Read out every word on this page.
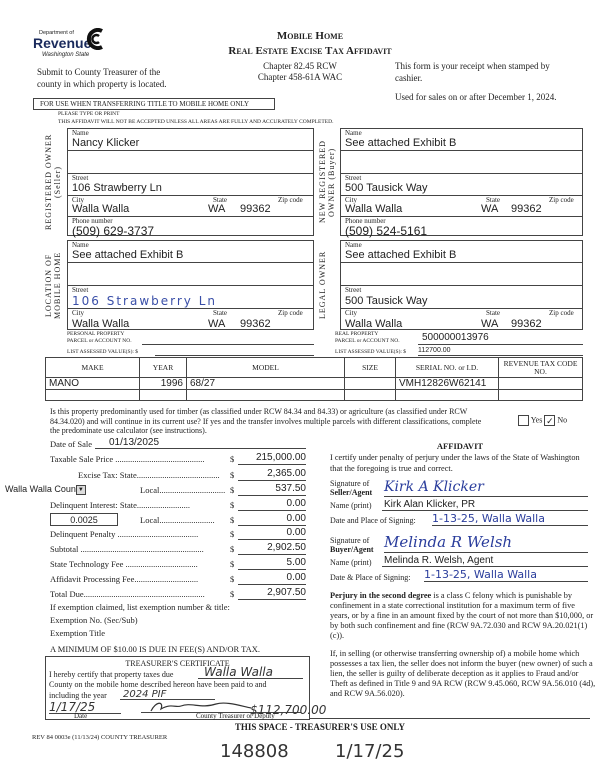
Department of
Revenue
Washington State
Mobile Home
Real Estate Excise Tax Affidavit
Chapter 82.45 RCW
Chapter 458-61A WAC
Submit to County Treasurer of the
county in which property is located.
This form is your receipt when stamped by
cashier.
Used for sales on or after December 1, 2024.
FOR USE WHEN TRANSFERRING TITLE TO MOBILE HOME ONLY
PLEASE TYPE OR PRINT
THIS AFFIDAVIT WILL NOT BE ACCEPTED UNLESS ALL AREAS ARE FULLY AND ACCURATELY COMPLETED.
REGISTERED OWNER (Seller)
Name
Nancy Klicker
Street
106 Strawberry Ln
City
Walla Walla
State
WA
Zip code
99362
Phone number
(509) 629-3737
NEW REGISTERED OWNER (Buyer)
Name
See attached Exhibit B
Street
500 Tausick Way
City
Walla Walla
State
WA
Zip code
99362
Phone number
(509) 524-5161
LOCATION OF MOBILE HOME
Name
See attached Exhibit B
Street
106 Strawberry Ln
City
Walla Walla
State
WA
Zip code
99362
LEGAL OWNER
Name
See attached Exhibit B
Street
500 Tausick Way
City
Walla Walla
State
WA
Zip code
99362
PERSONAL PROPERTY
PARCEL or ACCOUNT NO.
LIST ASSESSED VALUE(S): $
REAL PROPERTY
PARCEL or ACCOUNT NO.	500000013976
LIST ASSESSED VALUE(S): $ 112700.00
MAKE	YEAR	MODEL	SIZE	SERIAL NO. or I.D.	REVENUE TAX CODE NO.
MANO	1996	68/27		VMH12826W62141	

Is this property predominantly used for timber (as classified under RCW 84.34 and 84.33) or agriculture (as classified under RCW 84.34.020) and will continue in its current use? If yes and the transfer involves multiple parcels with different classifications, complete the predominate use calculator (see instructions).
Yes ✓ No
Date of Sale	01/13/2025
Taxable Sale Price ..........................................	$	215,000.00
Excise Tax: State.......................................	$	2,365.00
Local............................... $	537.50
Delinquent Interest: State.........................	$	0.00
Local..........................	$	0.00
Delinquent Penalty ......................................	$	0.00
Subtotal ..........................................................	$	2,902.50
State Technology Fee ..................................	$	5.00
Affidavit Processing Fee..............................	$	0.00
Total Due.........................................................	$	2,907.50
Walla Walla Coun ▼
0.0025
If exemption claimed, list exemption number & title:
Exemption No. (Sec/Sub)
Exemption Title
A MINIMUM OF $10.00 IS DUE IN FEE(S) AND/OR TAX.
TREASURER'S CERTIFICATE
I hereby certify that property taxes due	Walla Walla
County on the mobile home described hereon have been paid to and
including the year	2024 PIF
1/17/25
Date	County Treasurer or Deputy
AFFIDAVIT
I certify under penalty of perjury under the laws of the State of Washington that the foregoing is true and correct.
Signature of
Seller/Agent Kirk A Klicker
Name (print) Kirk Alan Klicker, PR
Date and Place of Signing: 1-13-25, Walla Walla
Signature of
Buyer/Agent Melinda R Welsh
Name (print) Melinda R. Welsh, Agent
Date & Place of Signing: 1-13-25, Walla Walla
Perjury in the second degree is a class C felony which is punishable by confinement in a state correctional institution for a maximum term of five years, or by a fine in an amount fixed by the court of not more than $10,000, or by both such confinement and fine (RCW 9A.72.030 and RCW 9A.20.021(1)(c)).
If, in selling (or otherwise transferring ownership of) a mobile home which possesses a tax lien, the seller does not inform the buyer (new owner) of such a lien, the seller is guilty of deliberate deception as it applies to Fraud and/or Theft as defined in Title 9 and 9A RCW (RCW 9.45.060, RCW 9A.56.010 (4d), and RCW 9A.56.020).
$112,700.00
THIS SPACE - TREASURER'S USE ONLY
REV 84 0003e (11/13/24) COUNTY TREASURER
148808	1/17/25
